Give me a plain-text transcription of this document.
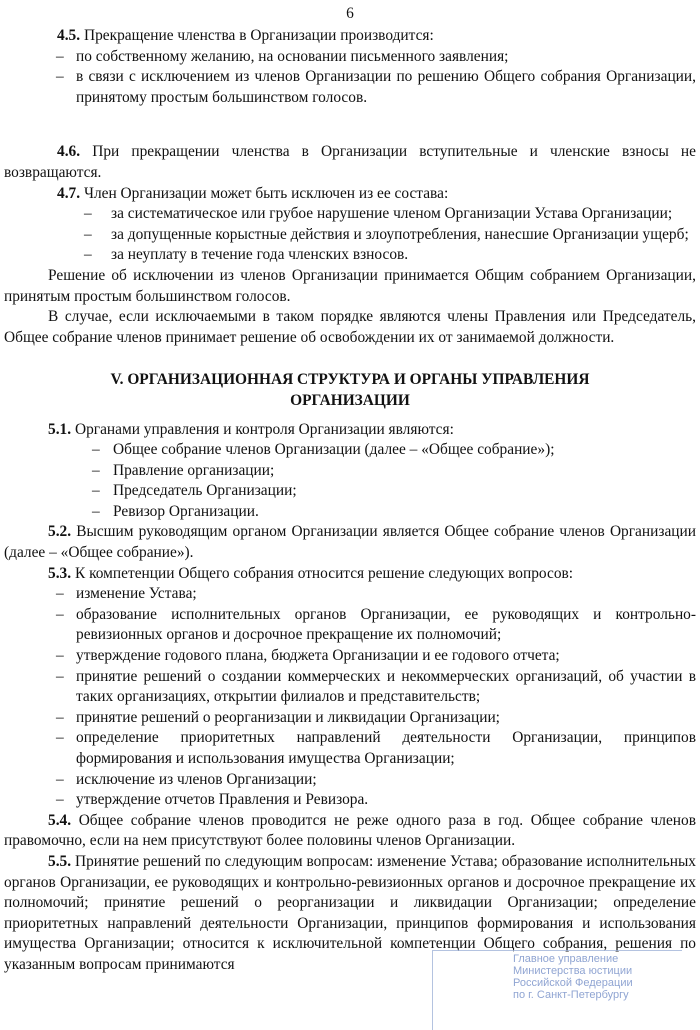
6

4.5. Прекращение членства в Организации производится:

– по собственному желанию, на основании письменного заявления;
– в связи с исключением из членов Организации по решению Общего собрания Организации, принятому простым большинством голосов.

4.6. При прекращении членства в Организации вступительные и членские взносы не возвращаются.

4.7. Член Организации может быть исключен из ее состава:

–	за систематическое или грубое нарушение членом Организации Устава Организации;
–	за допущенные корыстные действия и злоупотребления, нанесшие Организации ущерб;
–	за неуплату в течение года членских взносов.

Решение об исключении из членов Организации принимается Общим собранием Организации, принятым простым большинством голосов.

В случае, если исключаемыми в таком порядке являются члены Правления или Председатель, Общее собрание членов принимает решение об освобождении их от занимаемой должности.

V. ОРГАНИЗАЦИОННАЯ СТРУКТУРА И ОРГАНЫ УПРАВЛЕНИЯ
ОРГАНИЗАЦИИ

5.1. Органами управления и контроля Организации являются:

– Общее собрание членов Организации (далее – «Общее собрание»);
– Правление организации;
– Председатель Организации;
– Ревизор Организации.

5.2. Высшим руководящим органом Организации является Общее собрание членов Организации (далее – «Общее собрание»).

5.3. К компетенции Общего собрания относится решение следующих вопросов:

– изменение Устава;
– образование исполнительных органов Организации, ее руководящих и контрольно-ревизионных органов и досрочное прекращение их полномочий;
– утверждение годового плана, бюджета Организации и ее годового отчета;
– принятие решений о создании коммерческих и некоммерческих организаций, об участии в таких организациях, открытии филиалов и представительств;
– принятие решений о реорганизации и ликвидации Организации;
– определение приоритетных направлений деятельности Организации, принципов формирования и использования имущества Организации;
– исключение из членов Организации;
– утверждение отчетов Правления и Ревизора.

5.4. Общее собрание членов проводится не реже одного раза в год. Общее собрание членов правомочно, если на нем присутствуют более половины членов Организации.

5.5. Принятие решений по следующим вопросам: изменение Устава; образование исполнительных органов Организации, ее руководящих и контрольно-ревизионных органов и досрочное прекращение их полномочий; принятие решений о реорганизации и ликвидации Организации; определение приоритетных направлений деятельности Организации, принципов формирования и использования имущества Организации; относится к исключительной компетенции Общего собрания, решения по указанным вопросам принимаются	Главное управление
Министерства юстиции Российской Федерации
по г. Санкт-Петербургу
